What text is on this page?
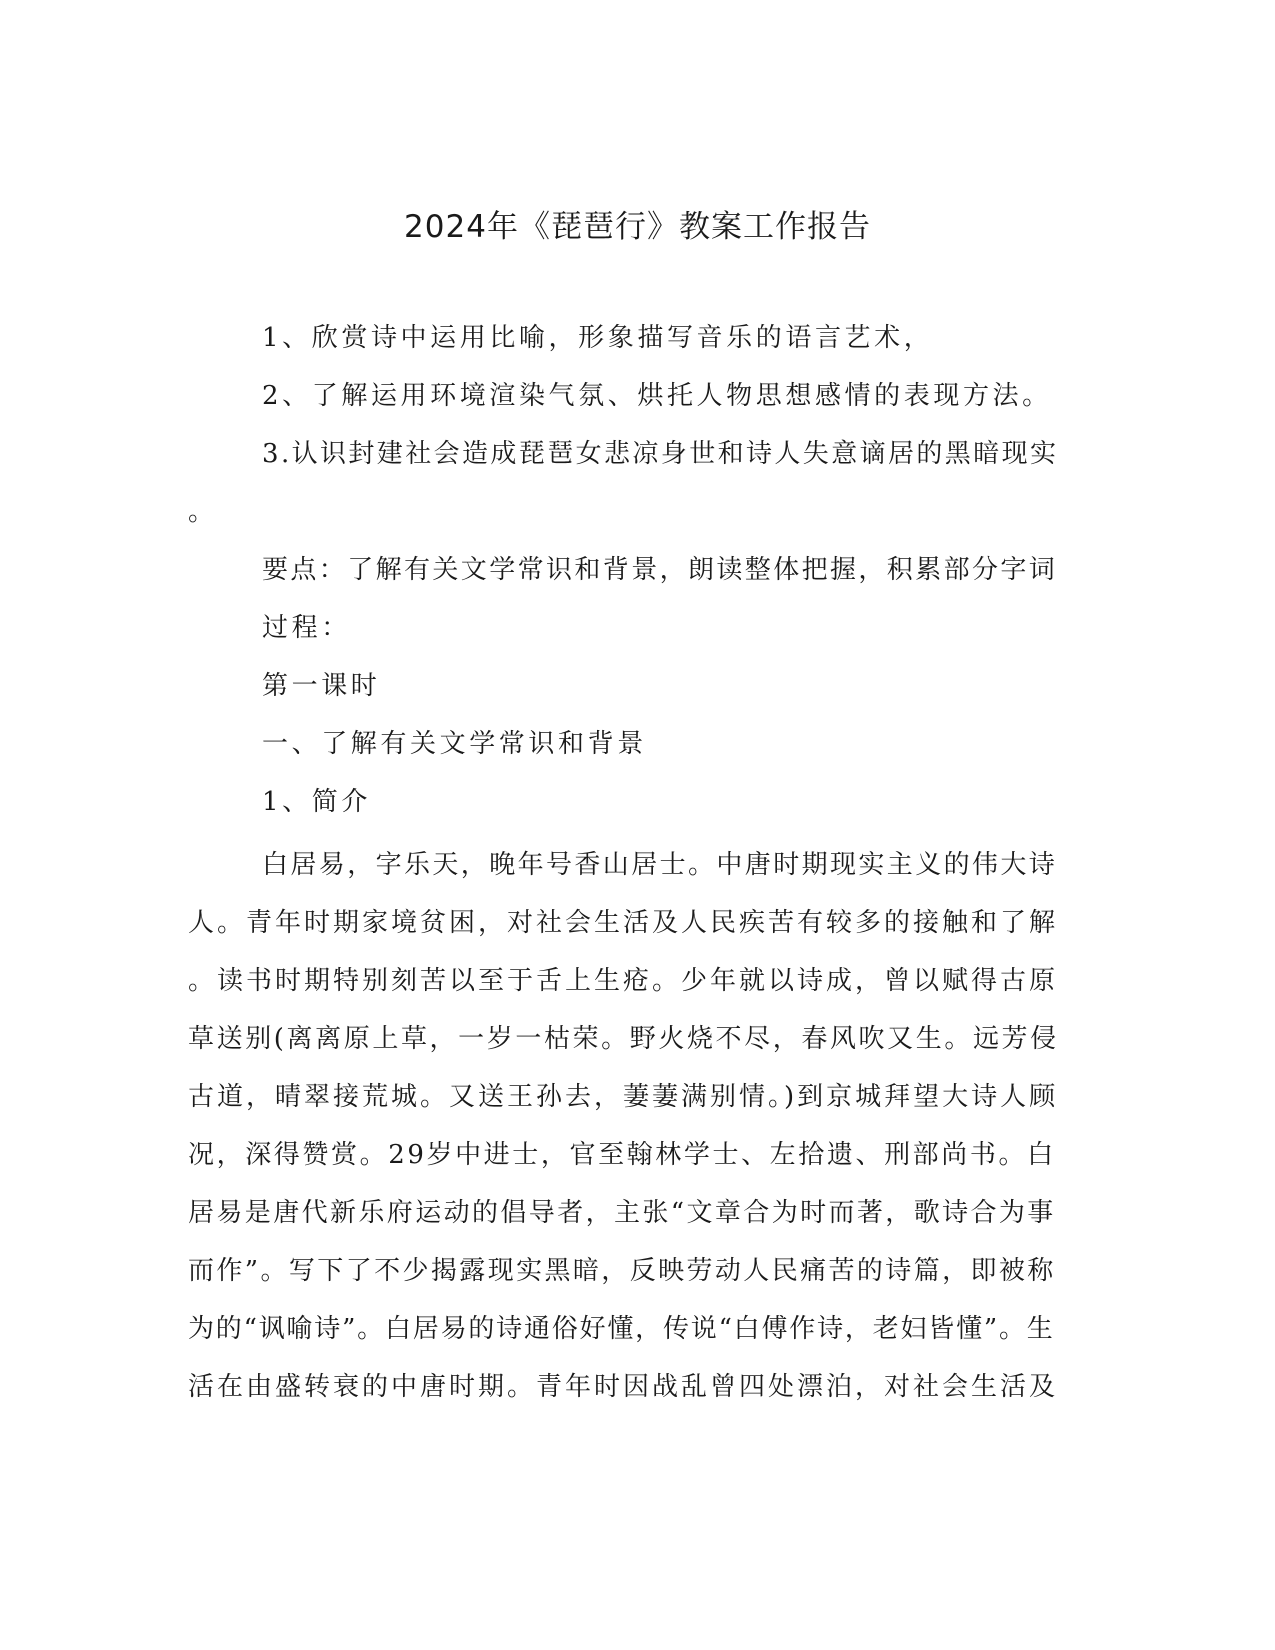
2024年《琵琶行》教案工作报告
1、欣赏诗中运用比喻，形象描写音乐的语言艺术，
2、了解运用环境渲染气氛、烘托人物思想感情的表现方法。
3.认识封建社会造成琵琶女悲凉身世和诗人失意谪居的黑暗现实
。
要点：了解有关文学常识和背景，朗读整体把握，积累部分字词
过程：
第一课时
一、了解有关文学常识和背景
1、简介
白居易，字乐天，晚年号香山居士。中唐时期现实主义的伟大诗
人。青年时期家境贫困，对社会生活及人民疾苦有较多的接触和了解
。读书时期特别刻苦以至于舌上生疮。少年就以诗成，曾以赋得古原
草送别(离离原上草，一岁一枯荣。野火烧不尽，春风吹又生。远芳侵
古道，晴翠接荒城。又送王孙去，萋萋满别情。)到京城拜望大诗人顾
况，深得赞赏。29岁中进士，官至翰林学士、左拾遗、刑部尚书。白
居易是唐代新乐府运动的倡导者，主张“文章合为时而著，歌诗合为事
而作”。写下了不少揭露现实黑暗，反映劳动人民痛苦的诗篇，即被称
为的“讽喻诗”。白居易的诗通俗好懂，传说“白傅作诗，老妇皆懂”。生
活在由盛转衰的中唐时期。青年时因战乱曾四处漂泊，对社会生活及
